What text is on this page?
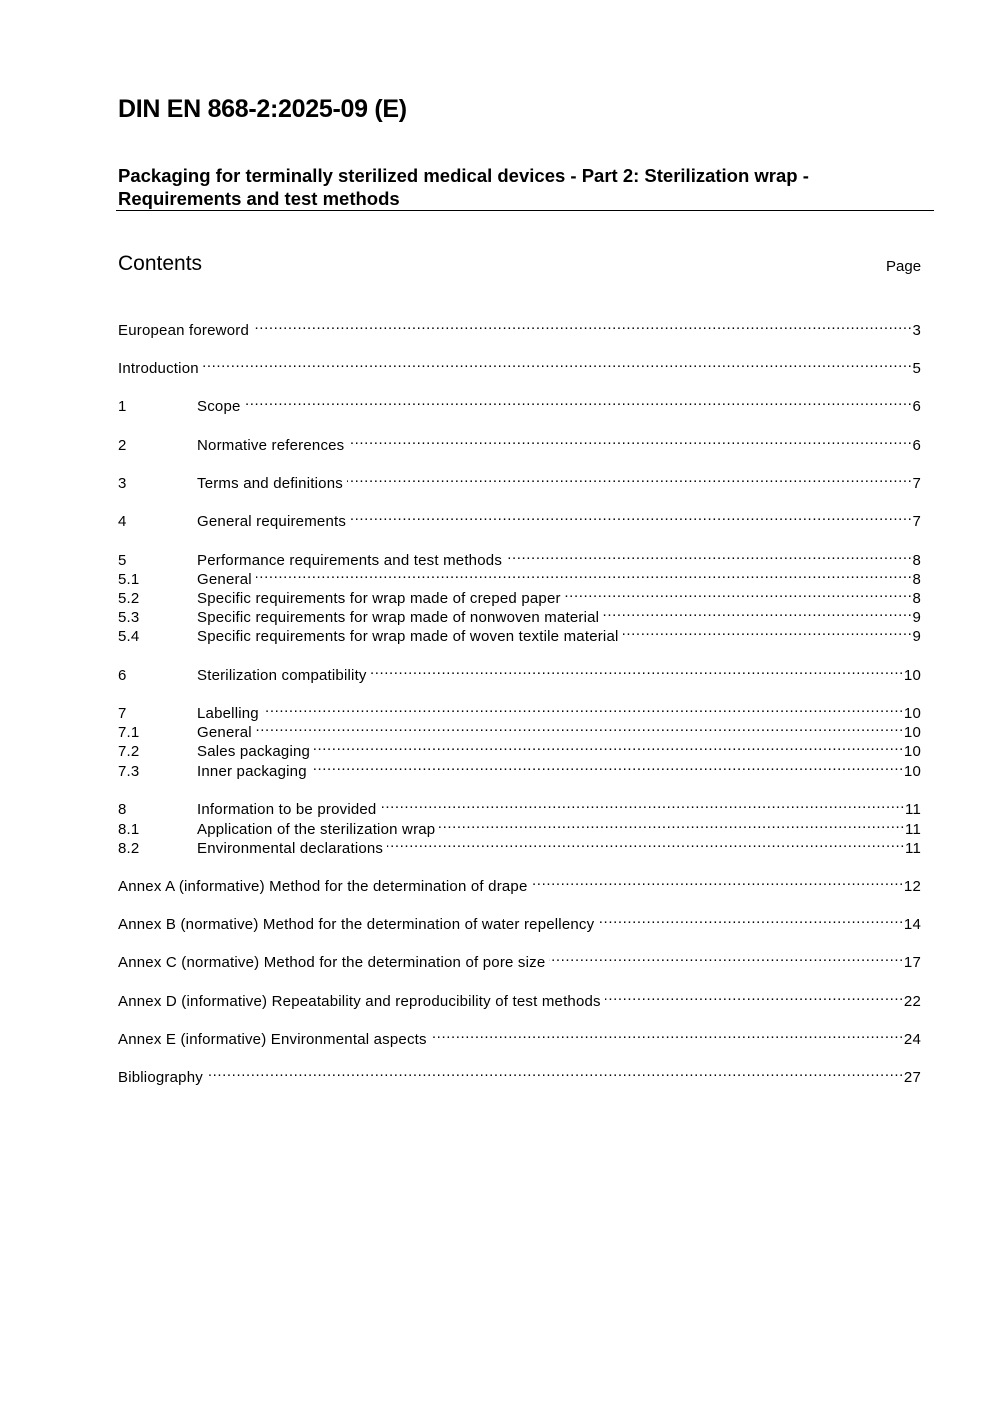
DIN EN 868-2:2025-09 (E)
Packaging for terminally sterilized medical devices - Part 2: Sterilization wrap -
Requirements and test methods
Contents	Page
European foreword .....	3
Introduction .....	5
1	Scope .....	6
2	Normative references .....	6
3	Terms and definitions .....	7
4	General requirements .....	7
5	Performance requirements and test methods .....	8
5.1	General .....	8
5.2	Specific requirements for wrap made of creped paper .....	8
5.3	Specific requirements for wrap made of nonwoven material .....	9
5.4	Specific requirements for wrap made of woven textile material .....	9
6	Sterilization compatibility .....	10
7	Labelling .....	10
7.1	General .....	10
7.2	Sales packaging .....	10
7.3	Inner packaging .....	10
8	Information to be provided .....	11
8.1	Application of the sterilization wrap .....	11
8.2	Environmental declarations .....	11
Annex A (informative) Method for the determination of drape .....	12
Annex B (normative) Method for the determination of water repellency .....	14
Annex C (normative) Method for the determination of pore size .....	17
Annex D (informative) Repeatability and reproducibility of test methods .....	22
Annex E (informative) Environmental aspects .....	24
Bibliography .....	27
